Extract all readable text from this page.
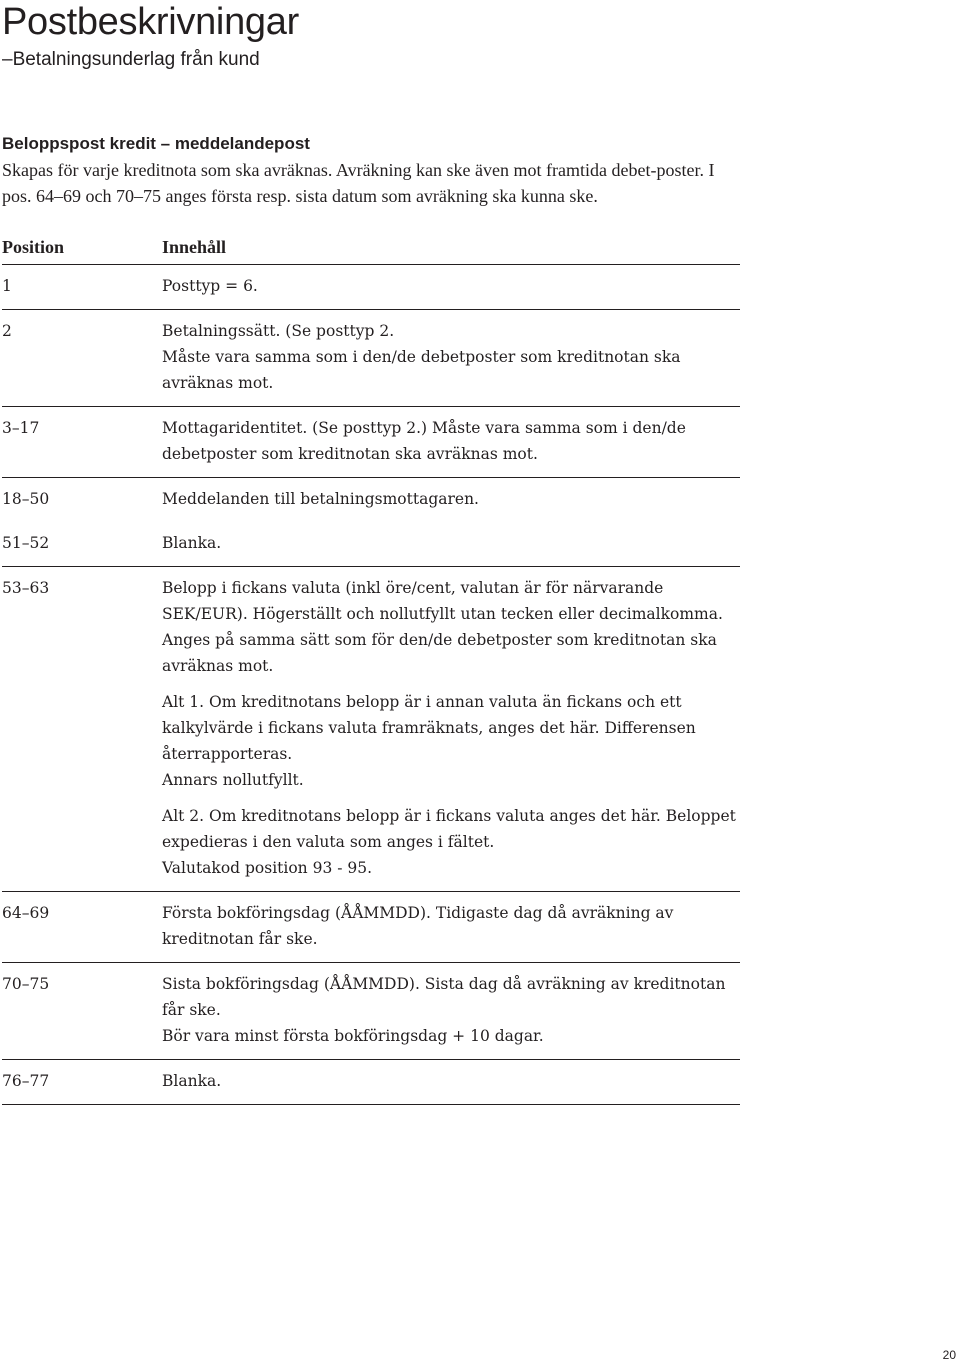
Postbeskrivningar

–Betalningsunderlag från kund

Beloppspost kredit – meddelandepost

Skapas för varje kreditnota som ska avräknas. Avräkning kan ske även mot framtida debet-poster. I pos. 64–69 och 70–75 anges första resp. sista datum som avräkning ska kunna ske.

Position	Innehåll
1	Posttyp = 6.

2	Betalningssätt. (Se posttyp 2.
Måste vara samma som i den/de debetposter som kreditnotan ska avräknas mot.

3–17	Mottagaridentitet. (Se posttyp 2.) Måste vara samma som i den/de debetposter som kreditnotan ska avräknas mot.

18–50	Meddelanden till betalningsmottagaren.

51–52	Blanka.

53–63	Belopp i fickans valuta (inkl öre/cent, valutan är för närvarande SEK/EUR). Högerställt och nollutfyllt utan tecken eller decimalkomma. Anges på samma sätt som för den/de debetposter som kreditnotan ska avräknas mot.

Alt 1. Om kreditnotans belopp är i annan valuta än fickans och ett kalkylvärde i fickans valuta framräknats, anges det här. Differensen återrapporteras.
Annars nollutfyllt.

Alt 2. Om kreditnotans belopp är i fickans valuta anges det här. Beloppet expedieras i den valuta som anges i fältet.
Valutakod position 93 - 95.

64–69	Första bokföringsdag (ÅÅMMDD). Tidigaste dag då avräkning av kreditnotan får ske.

70–75	Sista bokföringsdag (ÅÅMMDD). Sista dag då avräkning av kreditnotan får ske.
Bör vara minst första bokföringsdag + 10 dagar.

76–77	Blanka.

20
